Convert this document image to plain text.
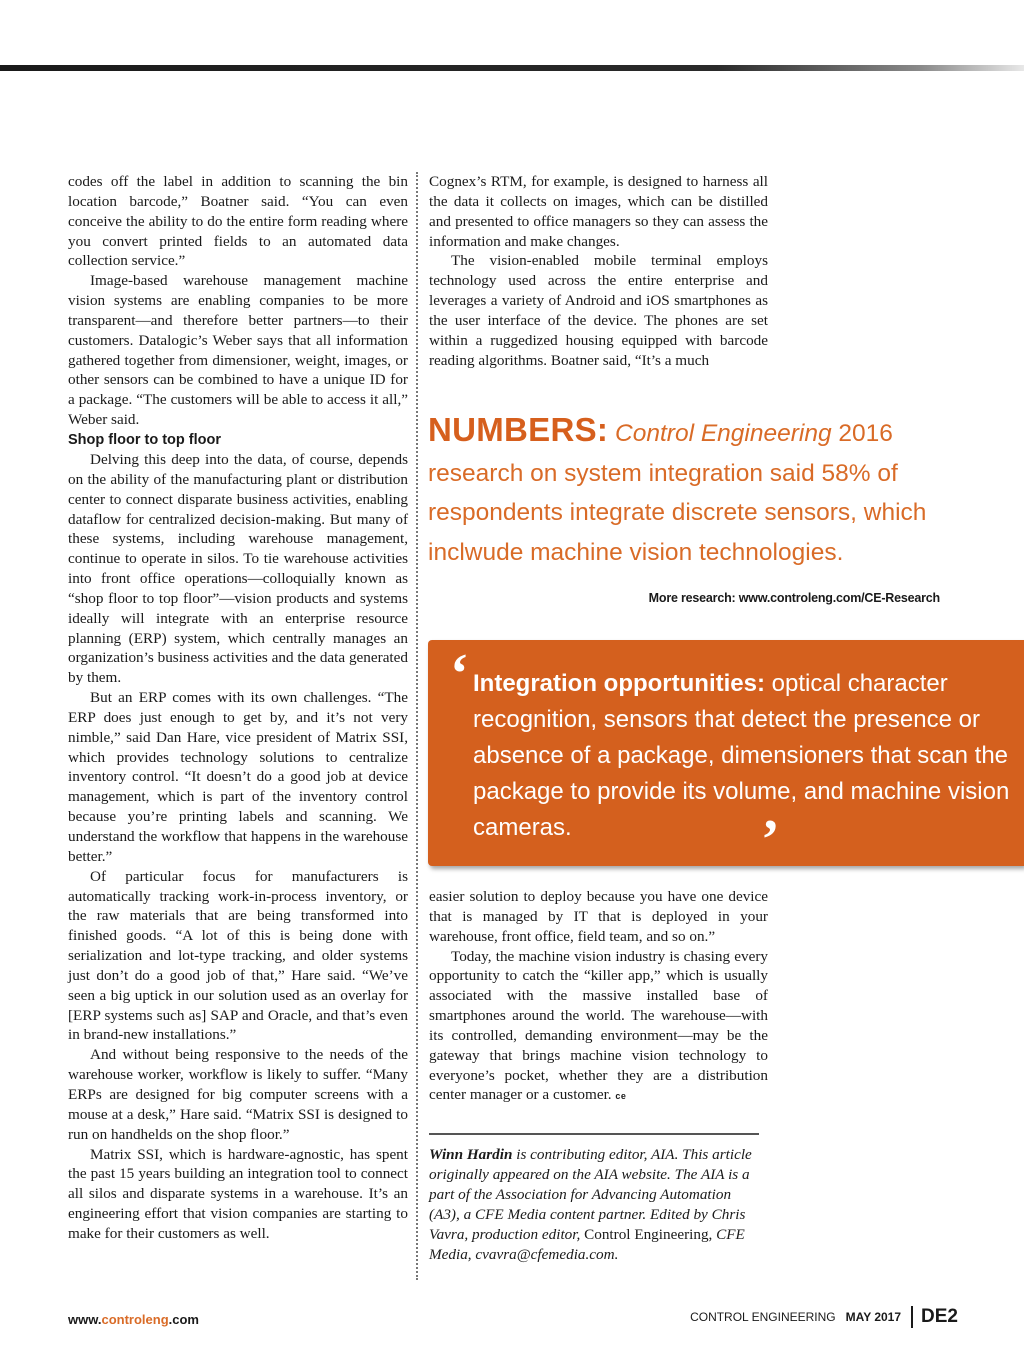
codes off the label in addition to scanning the bin location barcode,” Boatner said. “You can even conceive the ability to do the entire form reading where you convert printed fields to an automated data collection service.”

Image-based warehouse management machine vision systems are enabling companies to be more transparent—and therefore better partners—to their customers. Datalogic’s Weber says that all information gathered together from dimensioner, weight, images, or other sensors can be combined to have a unique ID for a package. “The customers will be able to access it all,” Weber said.

Shop floor to top floor

Delving this deep into the data, of course, depends on the ability of the manufacturing plant or distribution center to connect disparate business activities, enabling dataflow for centralized decision-making. But many of these systems, including warehouse management, continue to operate in silos. To tie warehouse activities into front office operations—colloquially known as “shop floor to top floor”—vision products and systems ideally will integrate with an enterprise resource planning (ERP) system, which centrally manages an organization’s business activities and the data generated by them.

But an ERP comes with its own challenges. “The ERP does just enough to get by, and it’s not very nimble,” said Dan Hare, vice president of Matrix SSI, which provides technology solutions to centralize inventory control. “It doesn’t do a good job at device management, which is part of the inventory control because you’re printing labels and scanning. We understand the workflow that happens in the warehouse better.”

Of particular focus for manufacturers is automatically tracking work-in-process inventory, or the raw materials that are being transformed into finished goods. “A lot of this is being done with serialization and lot-type tracking, and older systems just don’t do a good job of that,” Hare said. “We’ve seen a big uptick in our solution used as an overlay for [ERP systems such as] SAP and Oracle, and that’s even in brand-new installations.”

And without being responsive to the needs of the warehouse worker, workflow is likely to suffer. “Many ERPs are designed for big computer screens with a mouse at a desk,” Hare said. “Matrix SSI is designed to run on handhelds on the shop floor.”

Matrix SSI, which is hardware-agnostic, has spent the past 15 years building an integration tool to connect all silos and disparate systems in a warehouse. It’s an engineering effort that vision companies are starting to make for their customers as well.

Cognex’s RTM, for example, is designed to harness all the data it collects on images, which can be distilled and presented to office managers so they can assess the information and make changes.

The vision-enabled mobile terminal employs technology used across the entire enterprise and leverages a variety of Android and iOS smartphones as the user interface of the device. The phones are set within a ruggedized housing equipped with barcode reading algorithms. Boatner said, “It’s a much

NUMBERS: Control Engineering 2016 research on system integration said 58% of respondents integrate discrete sensors, which inclwude machine vision technologies.
More research: www.controleng.com/CE-Research
‘ Integration opportunities: optical character recognition, sensors that detect the presence or absence of a package, dimensioners that scan the package to provide its volume, and machine vision cameras.	’

easier solution to deploy because you have one device that is managed by IT that is deployed in your warehouse, front office, field team, and so on.”

Today, the machine vision industry is chasing every opportunity to catch the “killer app,” which is usually associated with the massive installed base of smartphones around the world. The warehouse—with its controlled, demanding environment—may be the gateway that brings machine vision technology to everyone’s pocket, whether they are a distribution center manager or a customer. ce

Winn Hardin is contributing editor, AIA. This article originally appeared on the AIA website. The AIA is a part of the Association for Advancing Automation (A3), a CFE Media content partner. Edited by Chris Vavra, production editor, Control Engineering, CFE Media, cvavra@cfemedia.com.
www.controleng.com	CONTROL ENGINEERING MAY 2017 DE2
